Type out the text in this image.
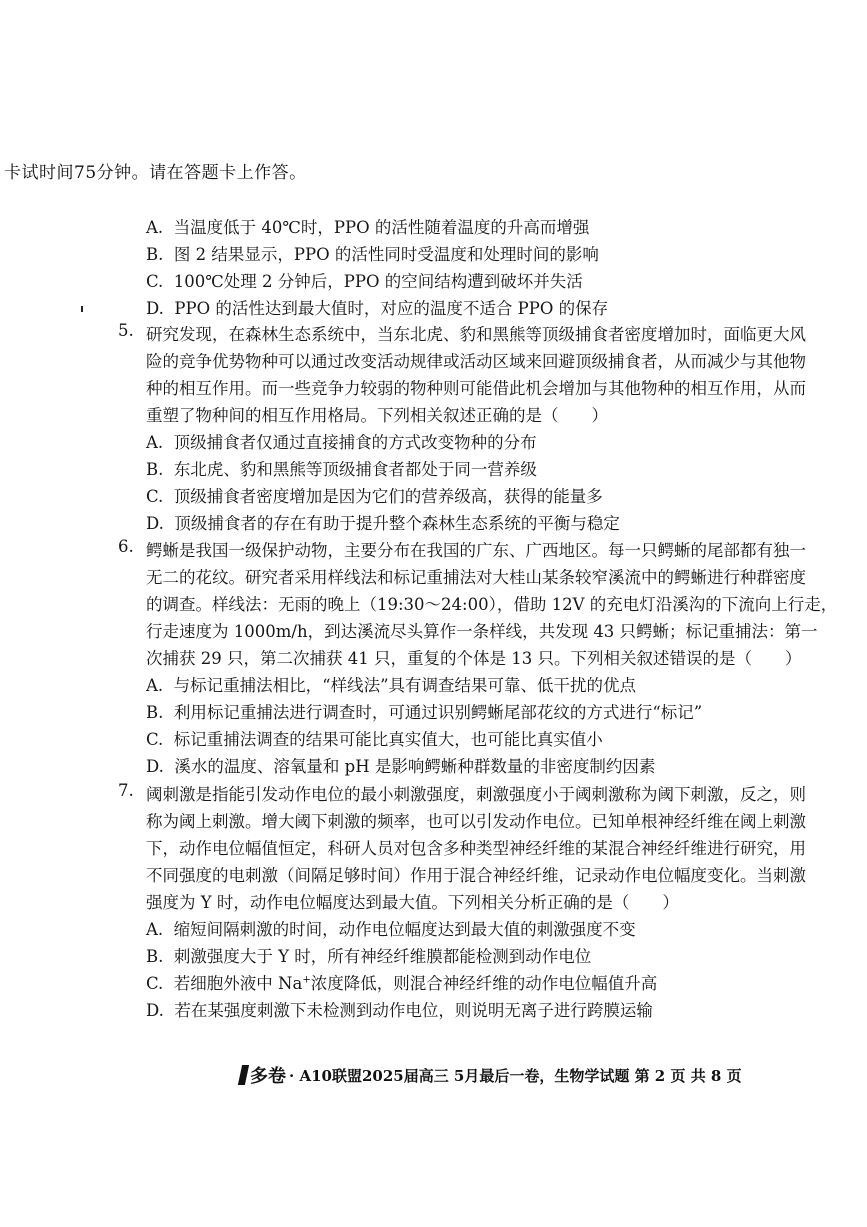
卡试时间75分钟。请在答题卡上作答。
A. 当温度低于 40℃时，PPO 的活性随着温度的升高而增强
B. 图 2 结果显示，PPO 的活性同时受温度和处理时间的影响
C. 100℃处理 2 分钟后，PPO 的空间结构遭到破坏并失活
D. PPO 的活性达到最大值时，对应的温度不适合 PPO 的保存
5. 研究发现，在森林生态系统中，当东北虎、豹和黑熊等顶级捕食者密度增加时，面临更大风
险的竞争优势物种可以通过改变活动规律或活动区域来回避顶级捕食者，从而减少与其他物
种的相互作用。而一些竞争力较弱的物种则可能借此机会增加与其他物种的相互作用，从而
重塑了物种间的相互作用格局。下列相关叙述正确的是（　　）
A. 顶级捕食者仅通过直接捕食的方式改变物种的分布
B. 东北虎、豹和黑熊等顶级捕食者都处于同一营养级
C. 顶级捕食者密度增加是因为它们的营养级高，获得的能量多
D. 顶级捕食者的存在有助于提升整个森林生态系统的平衡与稳定
6. 鳄蜥是我国一级保护动物，主要分布在我国的广东、广西地区。每一只鳄蜥的尾部都有独一
无二的花纹。研究者采用样线法和标记重捕法对大桂山某条较窄溪流中的鳄蜥进行种群密度
的调查。样线法：无雨的晚上（19:30～24:00），借助 12V 的充电灯沿溪沟的下流向上行走，
行走速度为 1000m/h，到达溪流尽头算作一条样线，共发现 43 只鳄蜥；标记重捕法：第一
次捕获 29 只，第二次捕获 41 只，重复的个体是 13 只。下列相关叙述错误的是（　　）
A. 与标记重捕法相比，“样线法”具有调查结果可靠、低干扰的优点
B. 利用标记重捕法进行调查时，可通过识别鳄蜥尾部花纹的方式进行“标记”
C. 标记重捕法调查的结果可能比真实值大，也可能比真实值小
D. 溪水的温度、溶氧量和 pH 是影响鳄蜥种群数量的非密度制约因素
7. 阈刺激是指能引发动作电位的最小刺激强度，刺激强度小于阈刺激称为阈下刺激，反之，则
称为阈上刺激。增大阈下刺激的频率，也可以引发动作电位。已知单根神经纤维在阈上刺激
下，动作电位幅值恒定，科研人员对包含多种类型神经纤维的某混合神经纤维进行研究，用
不同强度的电刺激（间隔足够时间）作用于混合神经纤维，记录动作电位幅度变化。当刺激
强度为 Y 时，动作电位幅度达到最大值。下列相关分析正确的是（　　）
A. 缩短间隔刺激的时间，动作电位幅度达到最大值的刺激强度不变
B. 刺激强度大于 Y 时，所有神经纤维膜都能检测到动作电位
C. 若细胞外液中 Na+浓度降低，则混合神经纤维的动作电位幅值升高
D. 若在某强度刺激下未检测到动作电位，则说明无离子进行跨膜运输
多卷 · A10联盟2025届高三 5月最后一卷，生物学试题 第 2 页 共 8 页
